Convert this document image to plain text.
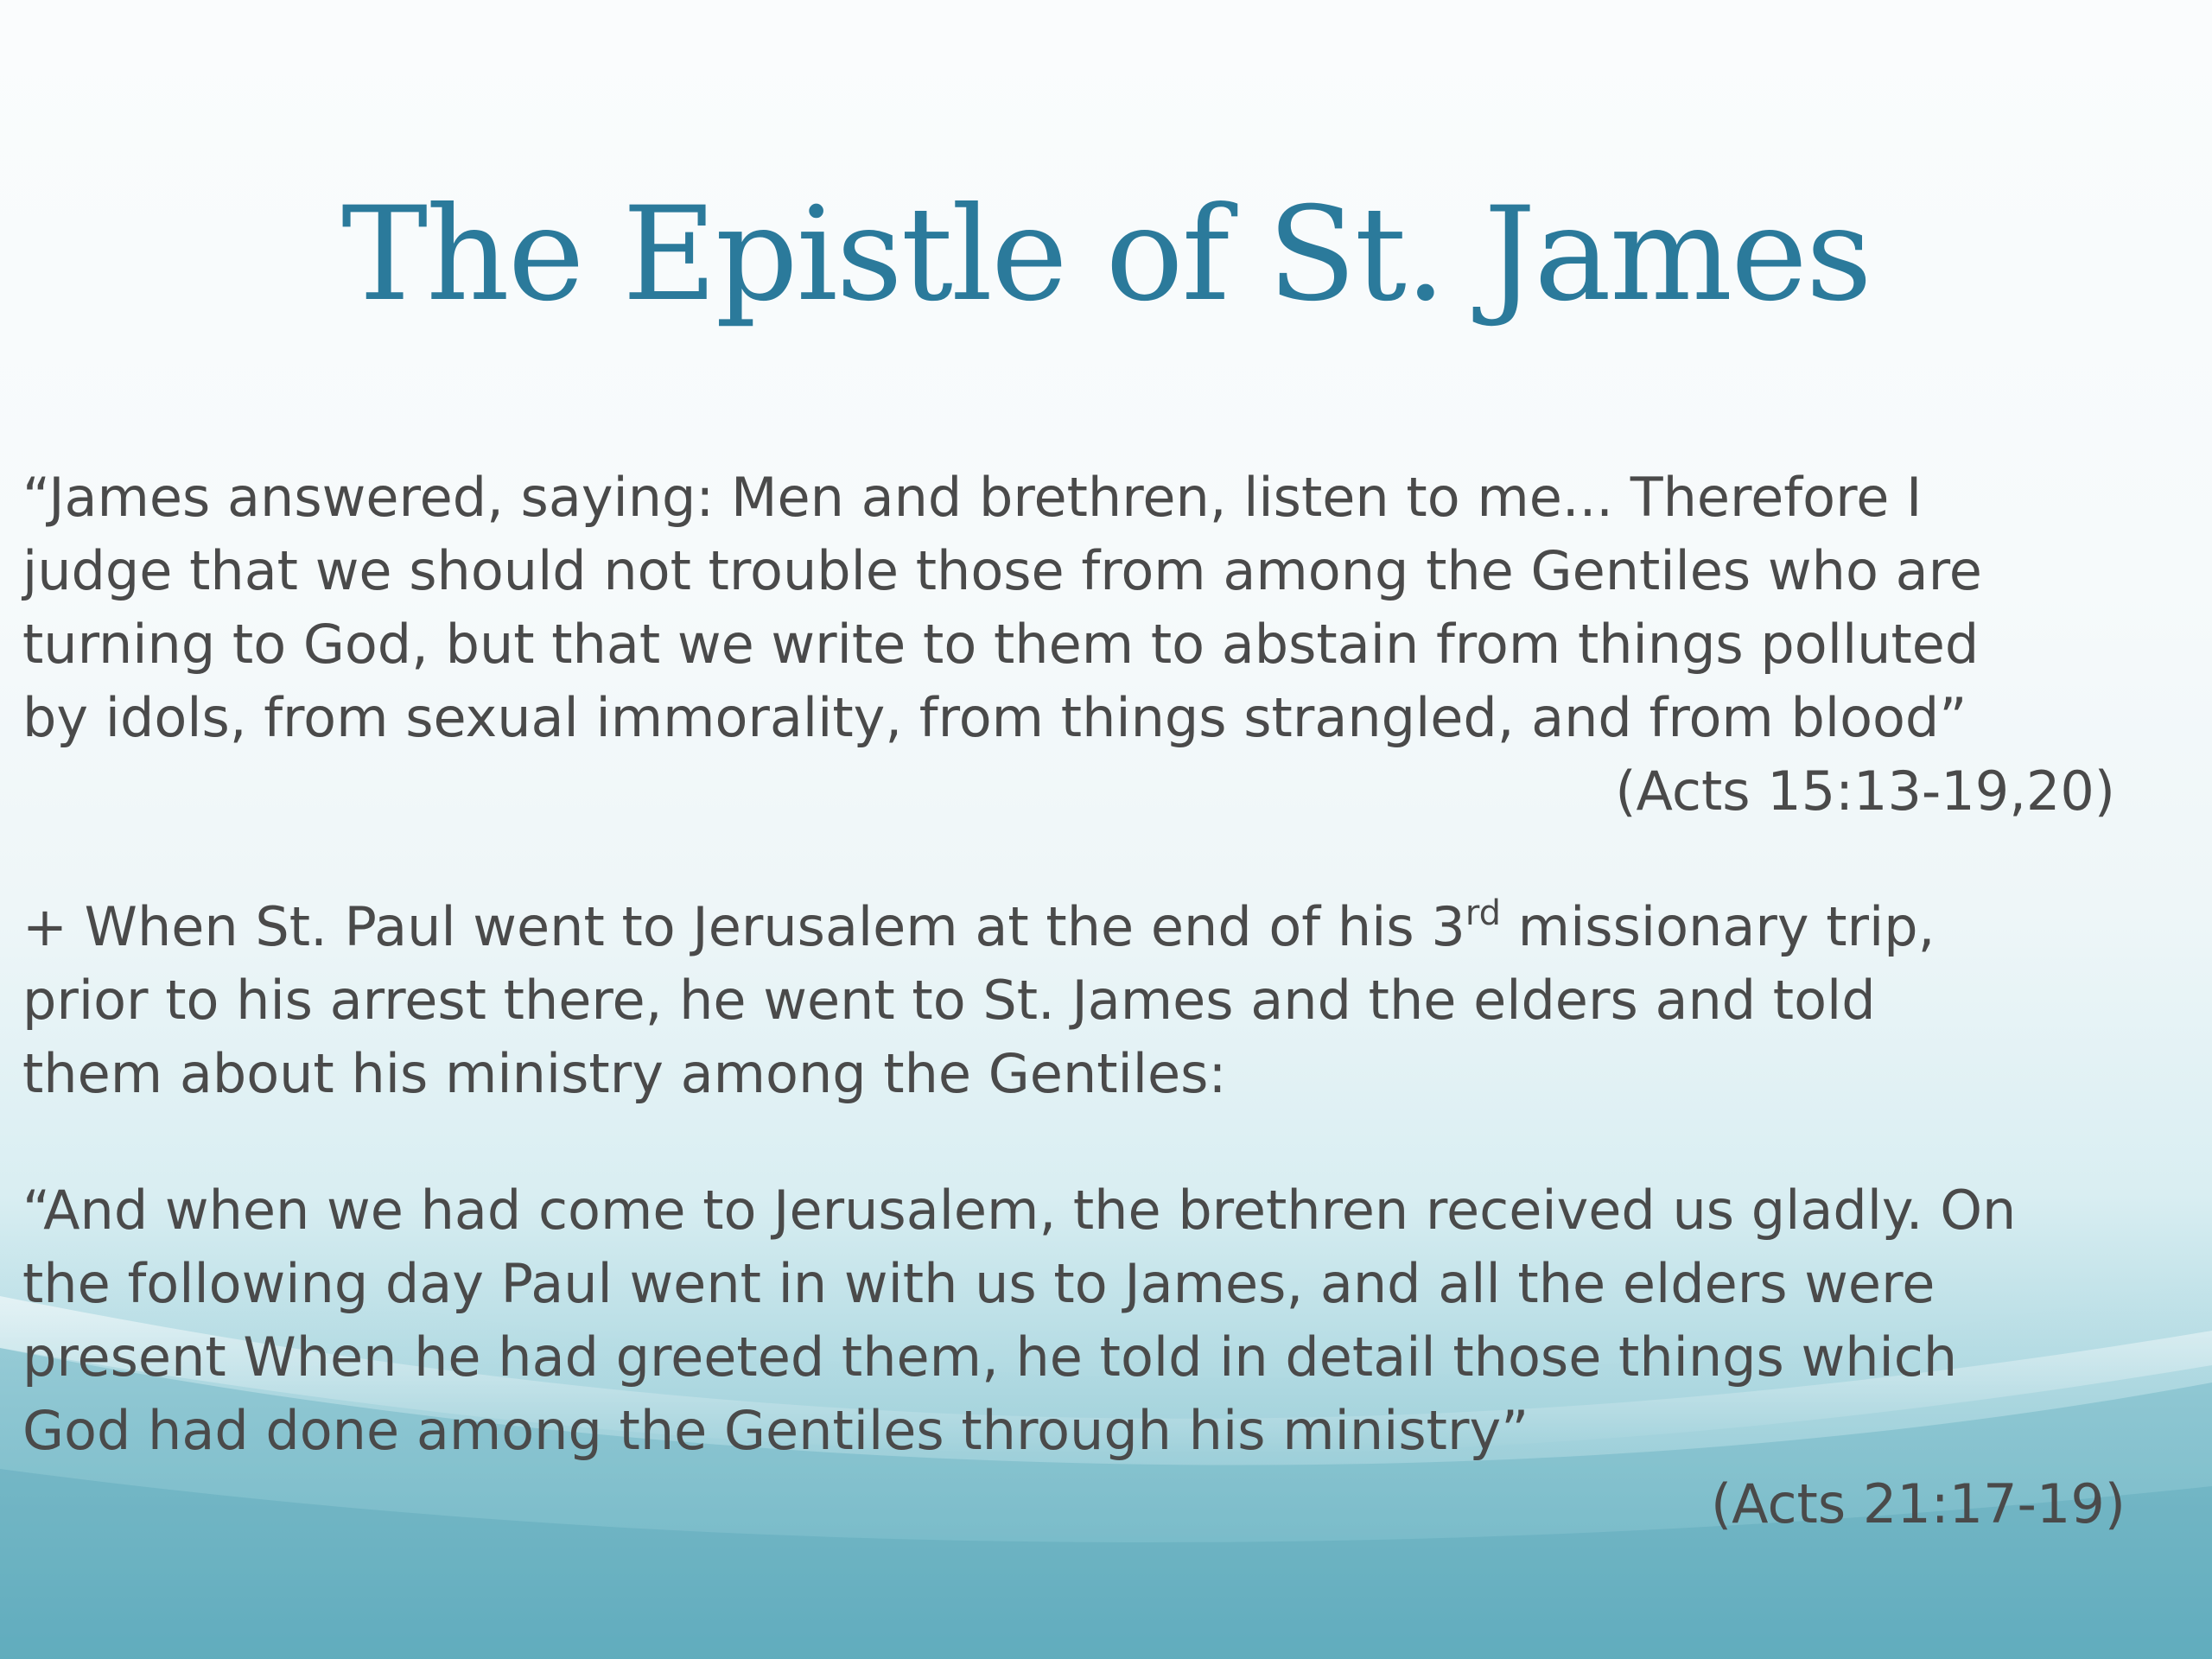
The Epistle of St. James
“James answered, saying: Men and brethren, listen to me... Therefore I
judge that we should not trouble those from among the Gentiles who are
turning to God, but that we write to them to abstain from things polluted
by idols, from sexual immorality, from things strangled, and from blood”
(Acts 15:13-19,20)
+ When St. Paul went to Jerusalem at the end of his 3rd missionary trip,
prior to his arrest there, he went to St. James and the elders and told
them about his ministry among the Gentiles:
“And when we had come to Jerusalem, the brethren received us gladly. On
the following day Paul went in with us to James, and all the elders were
present When he had greeted them, he told in detail those things which
God had done among the Gentiles through his ministry”
(Acts 21:17-19)
